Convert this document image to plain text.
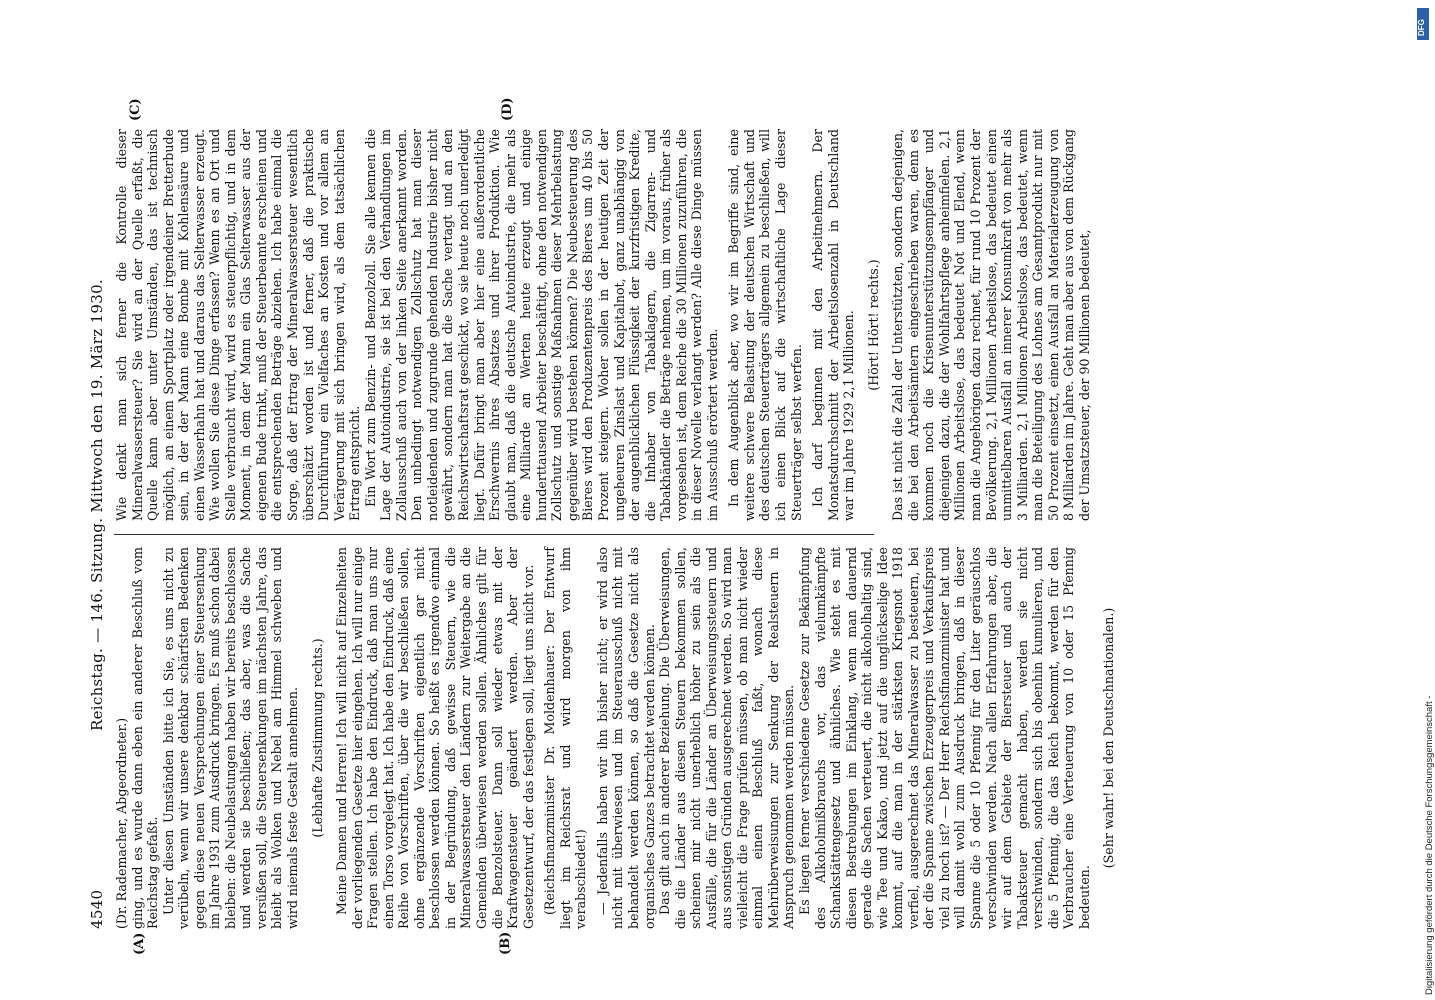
4540
Reichstag. — 146. Sitzung. Mittwoch den 19. März 1930.
(A)	(B)
(C)	(D)

(Dr. Rademacher, Abgeordneter.) ging, und es wurde dann eben ein anderer Beschluß vom Reichstag gefaßt. Unter diesen Umständen bitte ich Sie, es uns nicht zu verübeln, wenn wir unsere denkbar schärfsten Bedenken gegen diese neuen Versprechungen einer Steuersenkung im Jahre 1931 zum Ausdruck bringen. Es muß schon dabei bleiben: die Neubelastungen haben wir bereits beschlossen und werden sie beschließen; das aber, was die Sache versüßen soll, die Steuersenkungen im nächsten Jahre, das bleibt als Wolken und Nebel am Himmel schweben und wird niemals feste Gestalt annehmen. (Lebhafte Zustimmung rechts.) Meine Damen und Herren! Ich will nicht auf Einzelheiten der vorliegenden Gesetze hier eingehen. Ich will nur einige Fragen stellen. Ich habe den Eindruck, daß man uns nur einen Torso vorgelegt hat. Ich habe den Eindruck, daß eine Reihe von Vorschriften, über die wir beschließen sollen, ohne ergänzende Vorschriften eigentlich gar nicht beschlossen werden können. So heißt es irgendwo einmal in der Begründung, daß gewisse Steuern, wie die Mineralwassersteuer den Ländern zur Weitergabe an die Gemeinden überwiesen werden sollen. Ähnliches gilt für die Benzolsteuer. Dann soll wieder etwas mit der Kraftwagensteuer geändert werden. Aber der Gesetzentwurf, der das festlegen soll, liegt uns nicht vor. (Reichsfinanzminister Dr. Moldenhauer: Der Entwurf liegt im Reichsrat und wird morgen von ihm verabschiedet!) — Jedenfalls haben wir ihn bisher nicht; er wird also nicht mit überwiesen und im Steuerausschuß nicht mit behandelt werden können, so daß die Gesetze nicht als organisches Ganzes betrachtet werden können. Das gilt auch in anderer Beziehung. Die Überweisungen, die die Länder aus diesen Steuern bekommen sollen, scheinen mir nicht unerheblich höher zu sein als die Ausfälle, die für die Länder an Überweisungssteuern und aus sonstigen Gründen ausgerechnet werden. So wird man vielleicht die Frage prüfen müssen, ob man nicht wieder einmal einen Beschluß faßt, wonach diese Mehrüberweisungen zur Senkung der Realsteuern in Anspruch genommen werden müssen. Es liegen ferner verschiedene Gesetze zur Bekämpfung des Alkoholmißbrauchs vor, das vielumkämpfte Schankstättengesetz und ähnliches. Wie steht es mit diesen Bestrebungen im Einklang, wenn man dauernd gerade die Sachen verteuert, die nicht alkoholhaltig sind, wie Tee und Kakao, und jetzt auf die unglückselige Idee kommt, auf die man in der stärksten Kriegsnot 1918 verfiel, ausgerechnet das Mineralwasser zu besteuern, bei der die Spanne zwischen Erzeugerpreis und Verkaufspreis viel zu hoch ist? — Der Herr Reichsfinanzminister hat und will damit wohl zum Ausdruck bringen, daß in dieser Spanne die 5 oder 10 Pfennig für den Liter geräuschlos verschwinden werden. Nach allen Erfahrungen aber, die wir auf dem Gebiete der Biersteuer und auch der Tabaksteuer gemacht haben, werden sie nicht verschwinden, sondern sich bis obenhin kumulieren, und die 5 Pfennig, die das Reich bekommt, werden für den Verbraucher eine Verteuerung von 10 oder 15 Pfennig bedeuten.

(Sehr wahr! bei den Deutschnationalen.)

Wie denkt man sich ferner die Kontrolle dieser Mineralwassersteuer? Sie wird an der Quelle erfaßt, die Quelle kann aber unter Umständen, das ist technisch möglich, an einem Sportplatz oder irgendeiner Bretterbude sein, in der der Mann eine Bombe mit Kohlensäure und einen Wasserhahn hat und daraus das Selterwasser erzeugt. Wie wollen Sie diese Dinge erfassen? Wenn es an Ort und Stelle verbraucht wird, wird es steuerpflichtig, und in dem Moment, in dem der Mann ein Glas Selterwasser aus der eigenen Bude trinkt, muß der Steuerbeamte erscheinen und die entsprechenden Beträge abziehen. Ich habe einmal die Sorge, daß der Ertrag der Mineralwassersteuer wesentlich überschätzt worden ist und ferner, daß die praktische Durchführung ein Vielfaches an Kosten und vor allem an Verärgerung mit sich bringen wird, als dem tatsächlichen Ertrag entspricht. Ein Wort zum Benzin- und Benzolzoll. Sie alle kennen die Lage der Autoindustrie, sie ist bei den Verhandlungen im Zollausschuß auch von der linken Seite anerkannt worden. Den unbedingt notwendigen Zollschutz hat man dieser notleidenden und zugrunde gehenden Industrie bisher nicht gewährt, sondern man hat die Sache vertagt und an den Reichswirtschaftsrat geschickt, wo sie heute noch unerledigt liegt. Dafür bringt man aber hier eine außerordentliche Erschwernis ihres Absatzes und ihrer Produktion. Wie glaubt man, daß die deutsche Autoindustrie, die mehr als eine Milliarde an Werten heute erzeugt und einige hunderttausend Arbeiter beschäftigt, ohne den notwendigen Zollschutz und sonstige Maßnahmen dieser Mehrbelastung gegenüber wird bestehen können? Die Neubesteuerung des Bieres wird den Produzentenpreis des Bieres um 40 bis 50 Prozent steigern. Woher sollen in der heutigen Zeit der ungeheuren Zinslast und Kapitalnot, ganz unabhängig von der augenblicklichen Flüssigkeit der kurzfristigen Kredite, die Inhaber von Tabaklagern, die Zigarren- und Tabakhändler die Beträge nehmen, um im voraus, früher als vorgesehen ist, dem Reiche die 30 Millionen zuzuführen, die in dieser Novelle verlangt werden? Alle diese Dinge müssen im Ausschuß erörtert werden. In dem Augenblick aber, wo wir im Begriffe sind, eine weitere schwere Belastung der deutschen Wirtschaft und des deutschen Steuerträgers allgemein zu beschließen, will ich einen Blick auf die wirtschaftliche Lage dieser Steuerträger selbst werfen. Ich darf beginnen mit den Arbeitnehmern. Der Monatsdurchschnitt der Arbeitslosenzahl in Deutschland war im Jahre 1929 2,1 Millionen. (Hört! Hört! rechts.) Das ist nicht die Zahl der Unterstützten, sondern derjenigen, die bei den Arbeitsämtern eingeschrieben waren, denn es kommen noch die Krisenunterstützungsempfänger und diejenigen dazu, die der Wohlfahrtspflege anheimfielen. 2,1 Millionen Arbeitslose, das bedeutet Not und Elend, wenn man die Angehörigen dazu rechnet, für rund 10 Prozent der Bevölkerung. 2,1 Millionen Arbeitslose, das bedeutet einen unmittelbaren Ausfall an innerer Konsumkraft von mehr als 3 Milliarden. 2,1 Millionen Arbeitslose, das bedeutet, wenn man die Beteiligung des Lohnes am Gesamtprodukt nur mit 50 Prozent einsetzt, einen Ausfall an Materialerzeugung von 8 Milliarden im Jahre. Geht man aber aus von dem Rückgang der Umsatzsteuer, der 90 Millionen bedeutet,

DFG
Digitalisierung gefördert durch die Deutsche Forschungsgemeinschaft -
